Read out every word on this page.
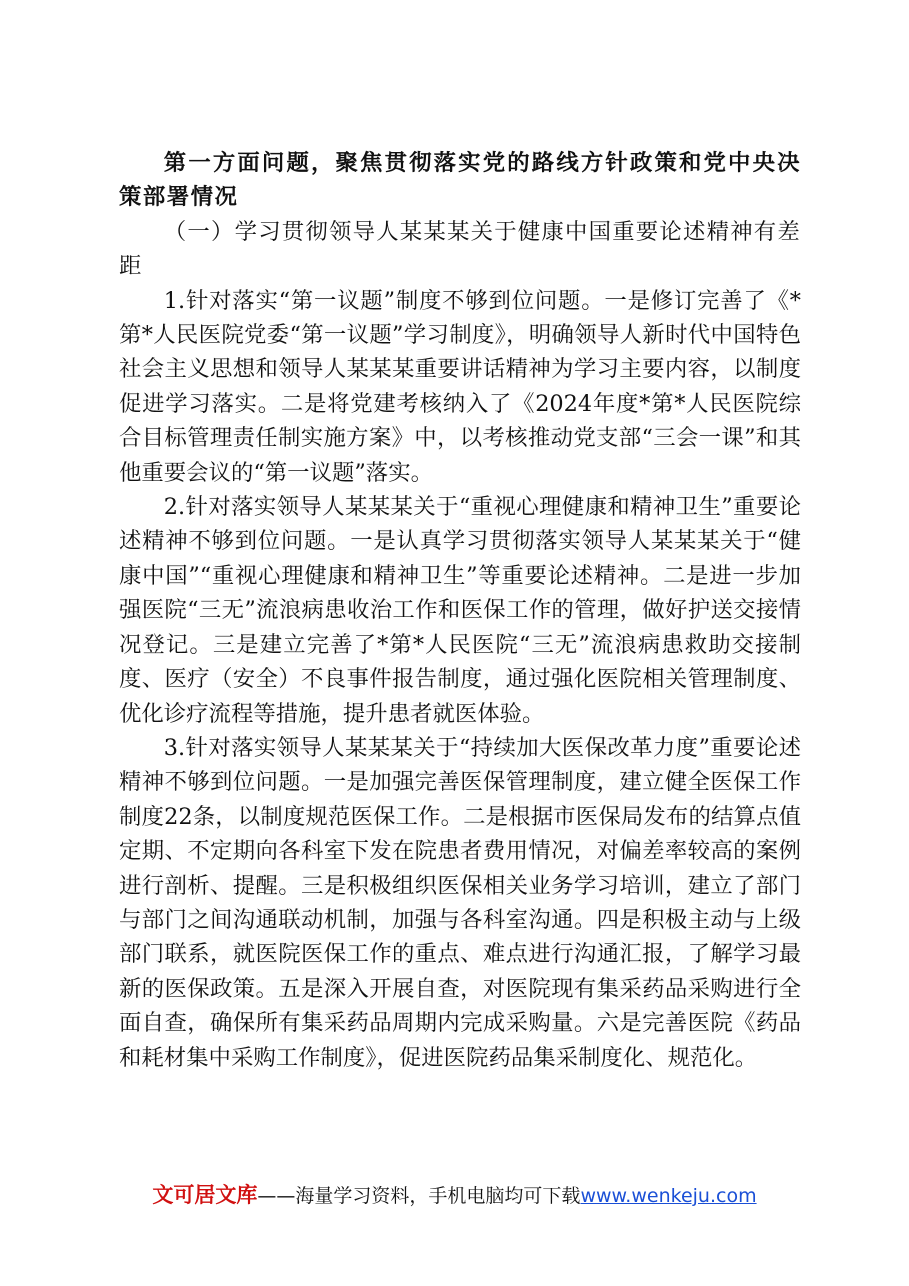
第一方面问题，聚焦贯彻落实党的路线方针政策和党中央决策部署情况

（一）学习贯彻领导人某某某关于健康中国重要论述精神有差距

1.针对落实“第一议题”制度不够到位问题。一是修订完善了《*第*人民医院党委“第一议题”学习制度》，明确领导人新时代中国特色社会主义思想和领导人某某某重要讲话精神为学习主要内容，以制度促进学习落实。二是将党建考核纳入了《2024年度*第*人民医院综合目标管理责任制实施方案》中，以考核推动党支部“三会一课”和其他重要会议的“第一议题”落实。

2.针对落实领导人某某某关于“重视心理健康和精神卫生”重要论述精神不够到位问题。一是认真学习贯彻落实领导人某某某关于“健康中国”“重视心理健康和精神卫生”等重要论述精神。二是进一步加强医院“三无”流浪病患收治工作和医保工作的管理，做好护送交接情况登记。三是建立完善了*第*人民医院“三无”流浪病患救助交接制度、医疗（安全）不良事件报告制度，通过强化医院相关管理制度、优化诊疗流程等措施，提升患者就医体验。

3.针对落实领导人某某某关于“持续加大医保改革力度”重要论述精神不够到位问题。一是加强完善医保管理制度，建立健全医保工作制度22条，以制度规范医保工作。二是根据市医保局发布的结算点值定期、不定期向各科室下发在院患者费用情况，对偏差率较高的案例进行剖析、提醒。三是积极组织医保相关业务学习培训，建立了部门与部门之间沟通联动机制，加强与各科室沟通。四是积极主动与上级部门联系，就医院医保工作的重点、难点进行沟通汇报，了解学习最新的医保政策。五是深入开展自查，对医院现有集采药品采购进行全面自查，确保所有集采药品周期内完成采购量。六是完善医院《药品和耗材集中采购工作制度》，促进医院药品集采制度化、规范化。

文可居文库——海量学习资料，手机电脑均可下载www.wenkeju.com
